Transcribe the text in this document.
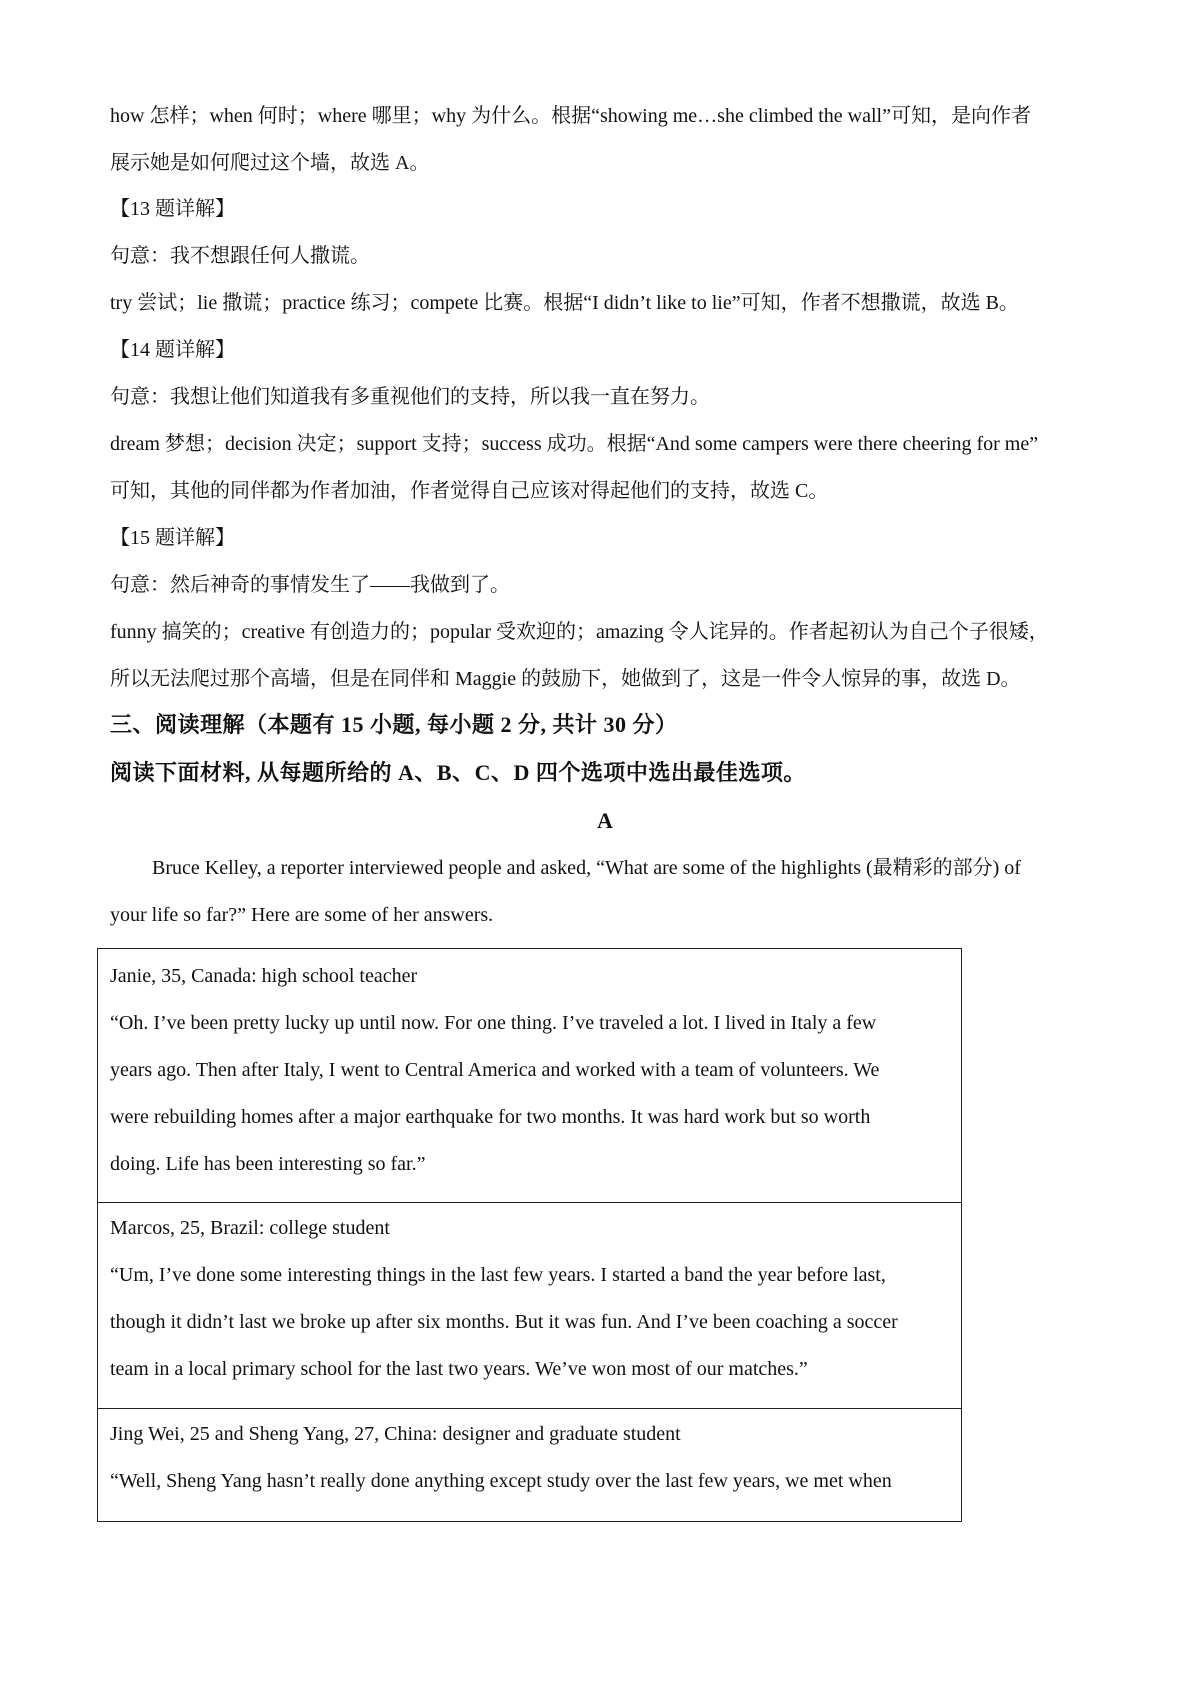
how 怎样；when 何时；where 哪里；why 为什么。根据“showing me…she climbed the wall”可知，是向作者
展示她是如何爬过这个墙，故选 A。
【13 题详解】
句意：我不想跟任何人撒谎。
try 尝试；lie 撒谎；practice 练习；compete 比赛。根据“I didn’t like to lie”可知，作者不想撒谎，故选 B。
【14 题详解】
句意：我想让他们知道我有多重视他们的支持，所以我一直在努力。
dream 梦想；decision 决定；support 支持；success 成功。根据“And some campers were there cheering for me”
可知，其他的同伴都为作者加油，作者觉得自己应该对得起他们的支持，故选 C。
【15 题详解】
句意：然后神奇的事情发生了——我做到了。
funny 搞笑的；creative 有创造力的；popular 受欢迎的；amazing 令人诧异的。作者起初认为自己个子很矮，
所以无法爬过那个高墙，但是在同伴和 Maggie 的鼓励下，她做到了，这是一件令人惊异的事，故选 D。
三、阅读理解（本题有 15 小题, 每小题 2 分, 共计 30 分）
阅读下面材料, 从每题所给的 A、B、C、D 四个选项中选出最佳选项。
A
Bruce Kelley, a reporter interviewed people and asked, “What are some of the highlights (最精彩的部分) of
your life so far?” Here are some of her answers.
Janie, 35, Canada: high school teacher
“Oh. I’ve been pretty lucky up until now. For one thing. I’ve traveled a lot. I lived in Italy a few
years ago. Then after Italy, I went to Central America and worked with a team of volunteers. We
were rebuilding homes after a major earthquake for two months. It was hard work but so worth
doing. Life has been interesting so far.”
Marcos, 25, Brazil: college student
“Um, I’ve done some interesting things in the last few years. I started a band the year before last,
though it didn’t last we broke up after six months. But it was fun. And I’ve been coaching a soccer
team in a local primary school for the last two years. We’ve won most of our matches.”
Jing Wei, 25 and Sheng Yang, 27, China: designer and graduate student
“Well, Sheng Yang hasn’t really done anything except study over the last few years, we met when
